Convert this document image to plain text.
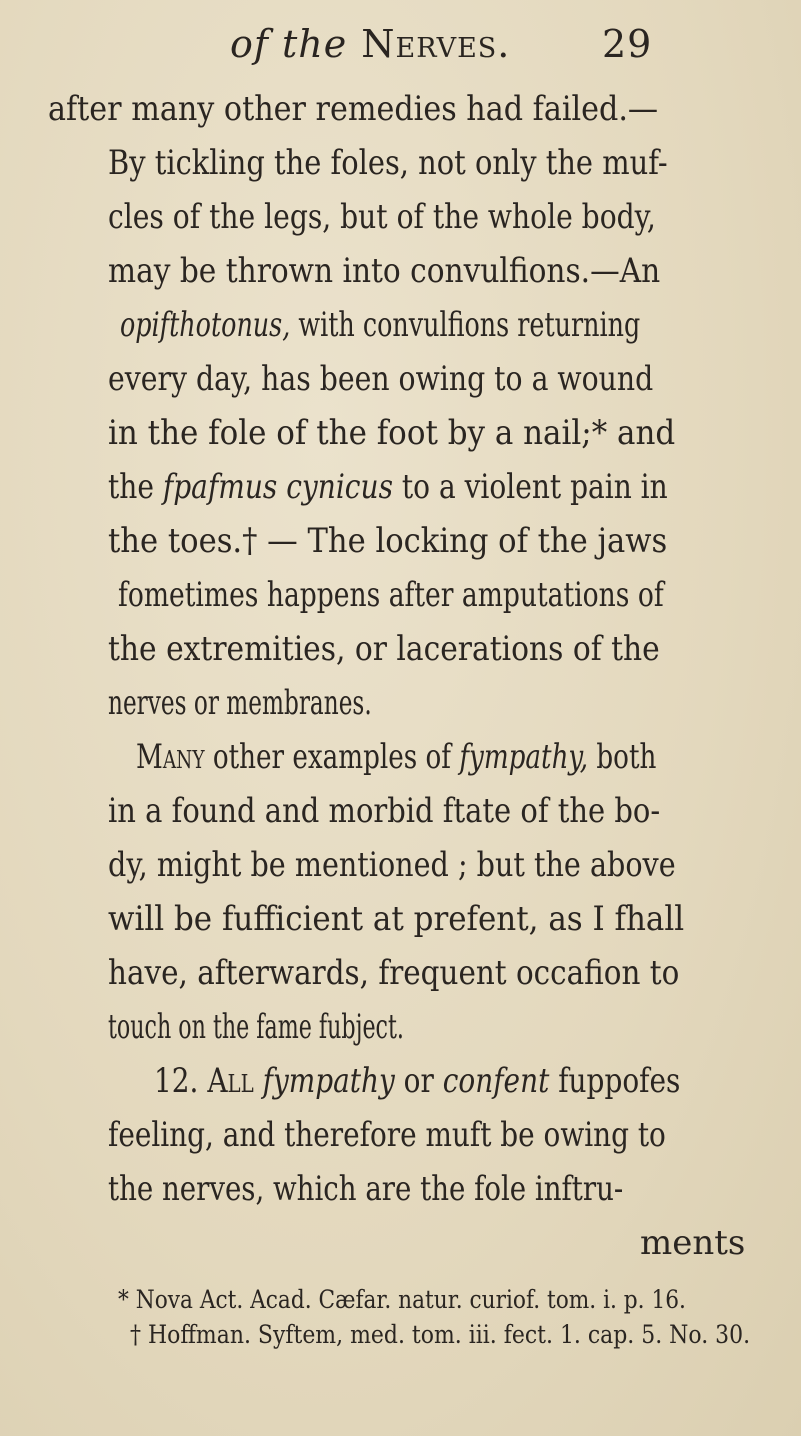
of the Nerves. 29
after many other remedies had failed.—
By tickling the foles, not only the muf-
cles of the legs, but of the whole body,
may be thrown into convulfions.—An
opifthotonus, with convulfions returning
every day, has been owing to a wound
in the fole of the foot by a nail;* and
the fpafmus cynicus to a violent pain in
the toes.† — The locking of the jaws
fometimes happens after amputations of
the extremities, or lacerations of the
nerves or membranes.
Many other examples of fympathy, both
in a found and morbid ftate of the bo-
dy, might be mentioned ; but the above
will be fufficient at prefent, as I fhall
have, afterwards, frequent occafion to
touch on the fame fubject.
12. All fympathy or confent fuppofes
feeling, and therefore muft be owing to
the nerves, which are the fole inftru-
ments
* Nova Act. Acad. Cæfar. natur. curiof. tom. i. p. 16.
† Hoffman. Syftem, med. tom. iii. fect. 1. cap. 5. No. 30.
